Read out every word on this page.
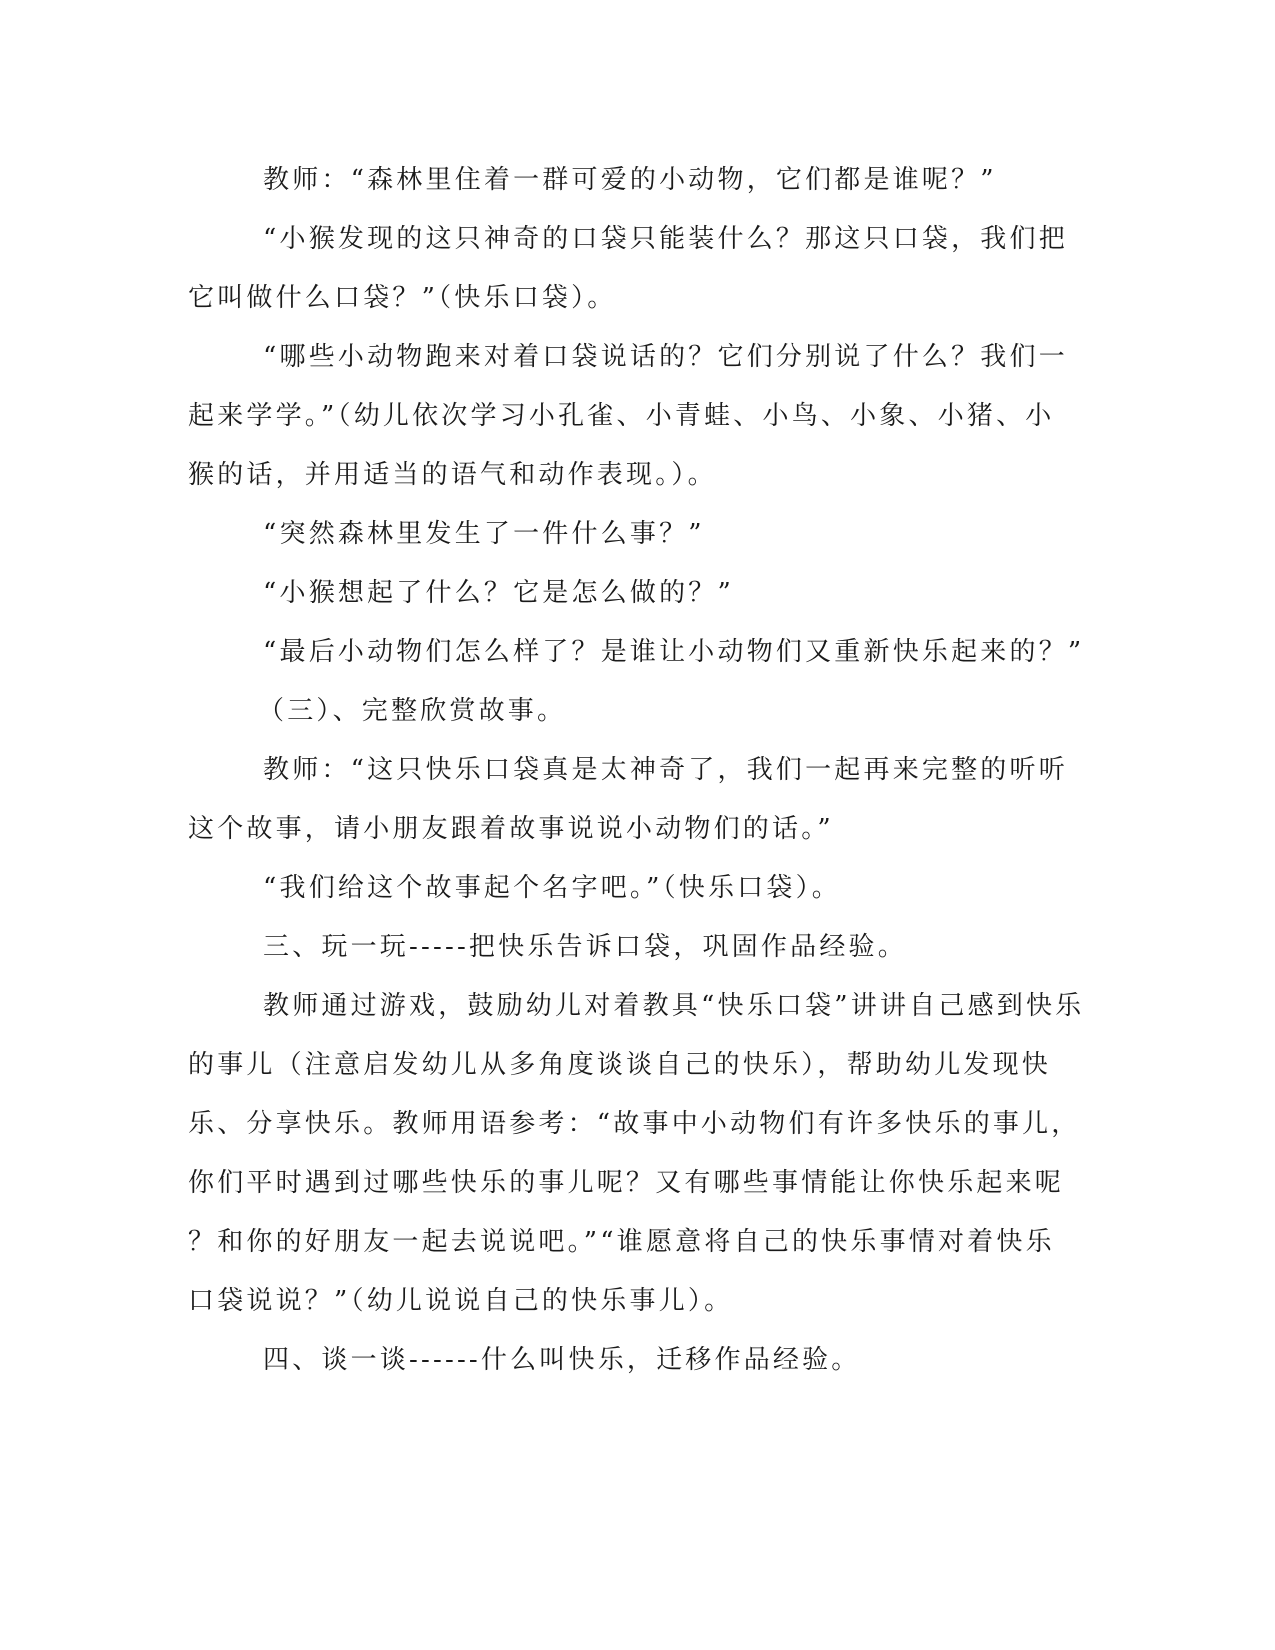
教师：“森林里住着一群可爱的小动物，它们都是谁呢？”
“小猴发现的这只神奇的口袋只能装什么？那这只口袋，我们把
它叫做什么口袋？”（快乐口袋）。
“哪些小动物跑来对着口袋说话的？它们分别说了什么？我们一
起来学学。”（幼儿依次学习小孔雀、小青蛙、小鸟、小象、小猪、小
猴的话，并用适当的语气和动作表现。）。
“突然森林里发生了一件什么事？”
“小猴想起了什么？它是怎么做的？”
“最后小动物们怎么样了？是谁让小动物们又重新快乐起来的？”
（三）、完整欣赏故事。
教师：“这只快乐口袋真是太神奇了，我们一起再来完整的听听
这个故事，请小朋友跟着故事说说小动物们的话。”
“我们给这个故事起个名字吧。”（快乐口袋）。
三、玩一玩-----把快乐告诉口袋，巩固作品经验。
教师通过游戏，鼓励幼儿对着教具“快乐口袋”讲讲自己感到快乐
的事儿（注意启发幼儿从多角度谈谈自己的快乐），帮助幼儿发现快
乐、分享快乐。教师用语参考：“故事中小动物们有许多快乐的事儿，
你们平时遇到过哪些快乐的事儿呢？又有哪些事情能让你快乐起来呢
？和你的好朋友一起去说说吧。”“谁愿意将自己的快乐事情对着快乐
口袋说说？”（幼儿说说自己的快乐事儿）。
四、谈一谈------什么叫快乐，迁移作品经验。
